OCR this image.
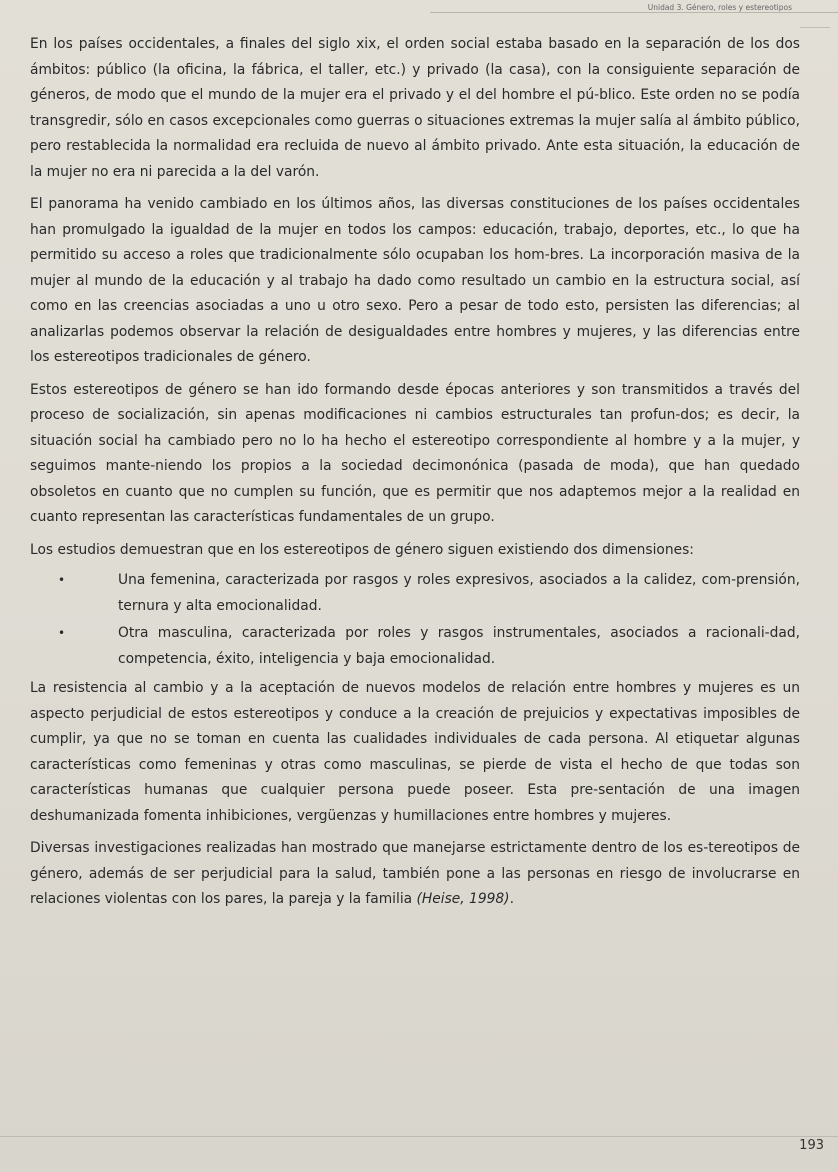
Unidad 3. Género, roles y estereotipos

En los países occidentales, a finales del siglo xix, el orden social estaba basado en la separación de los dos ámbitos: público (la oficina, la fábrica, el taller, etc.) y privado (la casa), con la consiguiente separación de géneros, de modo que el mundo de la mujer era el privado y el del hombre el pú-blico. Este orden no se podía transgredir, sólo en casos excepcionales como guerras o situaciones extremas la mujer salía al ámbito público, pero restablecida la normalidad era recluida de nuevo al ámbito privado. Ante esta situación, la educación de la mujer no era ni parecida a la del varón.

El panorama ha venido cambiado en los últimos años, las diversas constituciones de los países occidentales han promulgado la igualdad de la mujer en todos los campos: educación, trabajo, deportes, etc., lo que ha permitido su acceso a roles que tradicionalmente sólo ocupaban los hom-bres. La incorporación masiva de la mujer al mundo de la educación y al trabajo ha dado como resultado un cambio en la estructura social, así como en las creencias asociadas a uno u otro sexo. Pero a pesar de todo esto, persisten las diferencias; al analizarlas podemos observar la relación de desigualdades entre hombres y mujeres, y las diferencias entre los estereotipos tradicionales de género.

Estos estereotipos de género se han ido formando desde épocas anteriores y son transmitidos a través del proceso de socialización, sin apenas modificaciones ni cambios estructurales tan profun-dos; es decir, la situación social ha cambiado pero no lo ha hecho el estereotipo correspondiente al hombre y a la mujer, y seguimos mante-niendo los propios a la sociedad decimonónica (pasada de moda), que han quedado obsoletos en cuanto que no cumplen su función, que es permitir que nos adaptemos mejor a la realidad en cuanto representan las características fundamentales de un grupo.

Los estudios demuestran que en los estereotipos de género siguen existiendo dos dimensiones:

•	Una femenina, caracterizada por rasgos y roles expresivos, asociados a la calidez, com-prensión, ternura y alta emocionalidad.
•	Otra masculina, caracterizada por roles y rasgos instrumentales, asociados a racionali-dad, competencia, éxito, inteligencia y baja emocionalidad.

La resistencia al cambio y a la aceptación de nuevos modelos de relación entre hombres y mujeres es un aspecto perjudicial de estos estereotipos y conduce a la creación de prejuicios y expectativas imposibles de cumplir, ya que no se toman en cuenta las cualidades individuales de cada persona. Al etiquetar algunas características como femeninas y otras como masculinas, se pierde de vista el hecho de que todas son características humanas que cualquier persona puede poseer. Esta pre-sentación de una imagen deshumanizada fomenta inhibiciones, vergüenzas y humillaciones entre hombres y mujeres.

Diversas investigaciones realizadas han mostrado que manejarse estrictamente dentro de los es-tereotipos de género, además de ser perjudicial para la salud, también pone a las personas en riesgo de involucrarse en relaciones violentas con los pares, la pareja y la familia (Heise, 1998).

193
